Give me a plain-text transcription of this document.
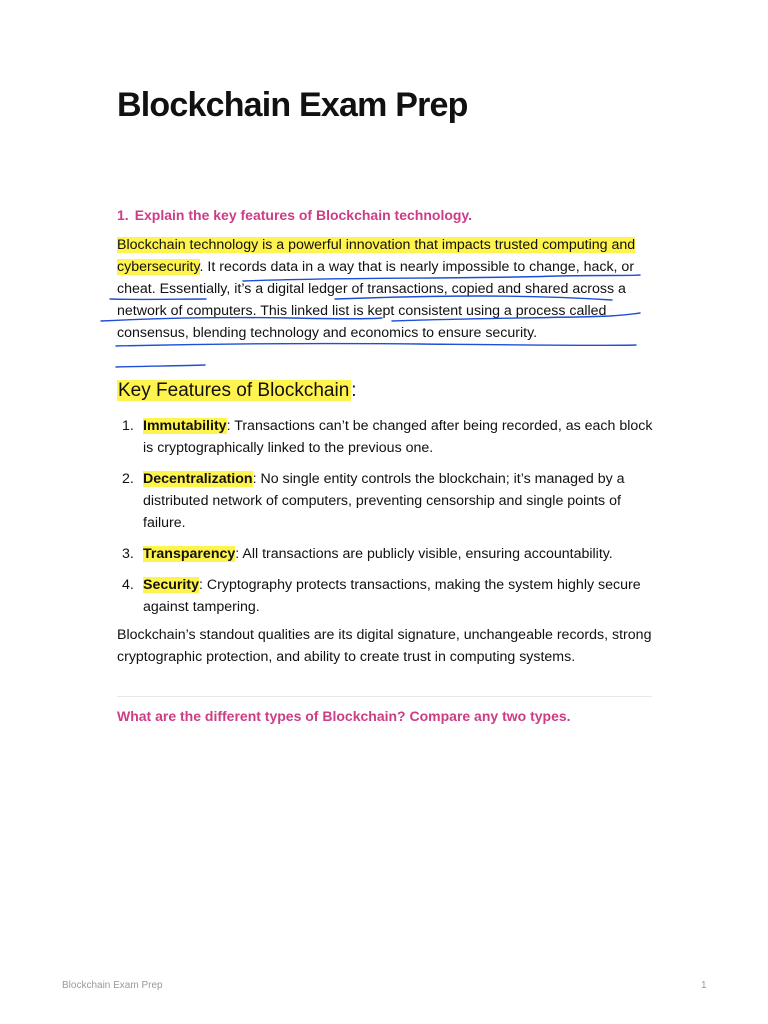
Blockchain Exam Prep

1. Explain the key features of Blockchain technology.

Blockchain technology is a powerful innovation that impacts trusted computing and cybersecurity. It records data in a way that is nearly impossible to change, hack, or cheat. Essentially, it’s a digital ledger of transactions, copied and shared across a network of computers. This linked list is kept consistent using a process called consensus, blending technology and economics to ensure security.

Key Features of Blockchain :
1. Immutability: Transactions can’t be changed after being recorded, as each block is cryptographically linked to the previous one.
2. Decentralization: No single entity controls the blockchain; it’s managed by a distributed network of computers, preventing censorship and single points of failure.
3. Transparency: All transactions are publicly visible, ensuring accountability.
4. Security: Cryptography protects transactions, making the system highly secure against tampering.

Blockchain’s standout qualities are its digital signature, unchangeable records, strong cryptographic protection, and ability to create trust in computing systems.

What are the different types of Blockchain? Compare any two types.

Blockchain Exam Prep	1
